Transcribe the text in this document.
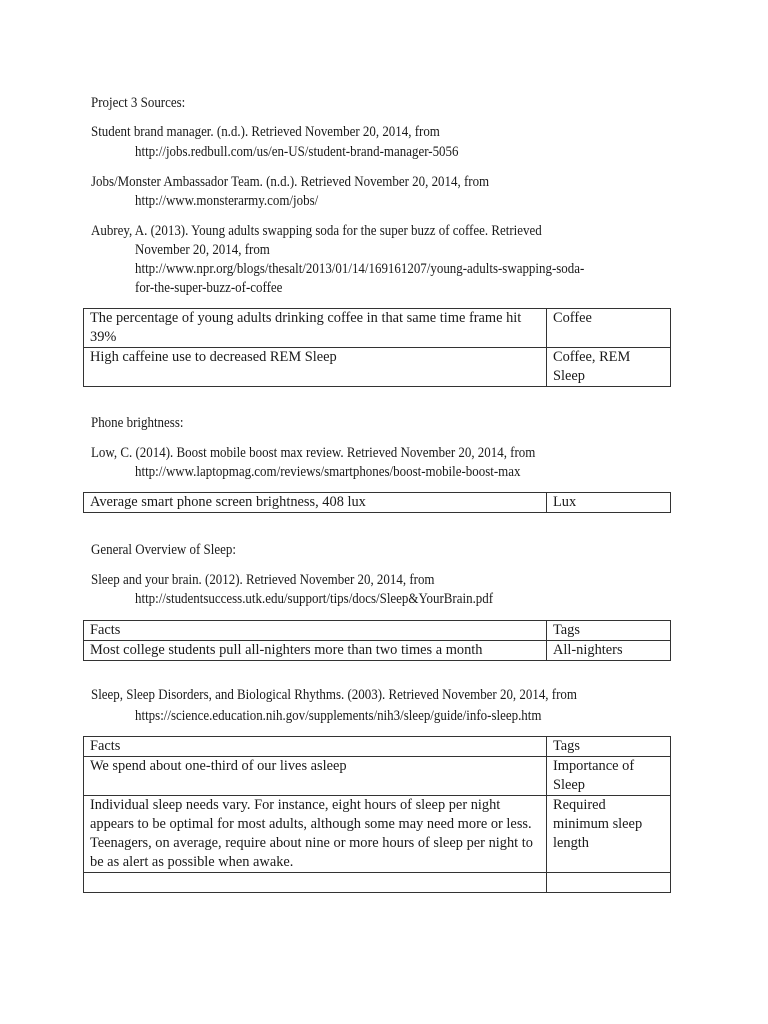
Project 3 Sources:
Student brand manager. (n.d.). Retrieved November 20, 2014, from
http://jobs.redbull.com/us/en-US/student-brand-manager-5056
Jobs/Monster Ambassador Team. (n.d.). Retrieved November 20, 2014, from
http://www.monsterarmy.com/jobs/
Aubrey, A. (2013). Young adults swapping soda for the super buzz of coffee. Retrieved
November 20, 2014, from
http://www.npr.org/blogs/thesalt/2013/01/14/169161207/young-adults-swapping-soda-
for-the-super-buzz-of-coffee
The percentage of young adults drinking coffee in that same time frame hit 39%	Coffee
High caffeine use to decreased REM Sleep	Coffee, REM Sleep
Phone brightness:
Low, C. (2014). Boost mobile boost max review. Retrieved November 20, 2014, from
http://www.laptopmag.com/reviews/smartphones/boost-mobile-boost-max
Average smart phone screen brightness, 408 lux	Lux
General Overview of Sleep:
Sleep and your brain. (2012). Retrieved November 20, 2014, from
http://studentsuccess.utk.edu/support/tips/docs/Sleep&YourBrain.pdf
Facts	Tags
Most college students pull all-nighters more than two times a month	All-nighters
Sleep, Sleep Disorders, and Biological Rhythms. (2003). Retrieved November 20, 2014, from
https://science.education.nih.gov/supplements/nih3/sleep/guide/info-sleep.htm
Facts	Tags
We spend about one-third of our lives asleep	Importance of Sleep
Individual sleep needs vary. For instance, eight hours of sleep per night appears to be optimal for most adults, although some may need more or less. Teenagers, on average, require about nine or more hours of sleep per night to be as alert as possible when awake.	Required minimum sleep length
